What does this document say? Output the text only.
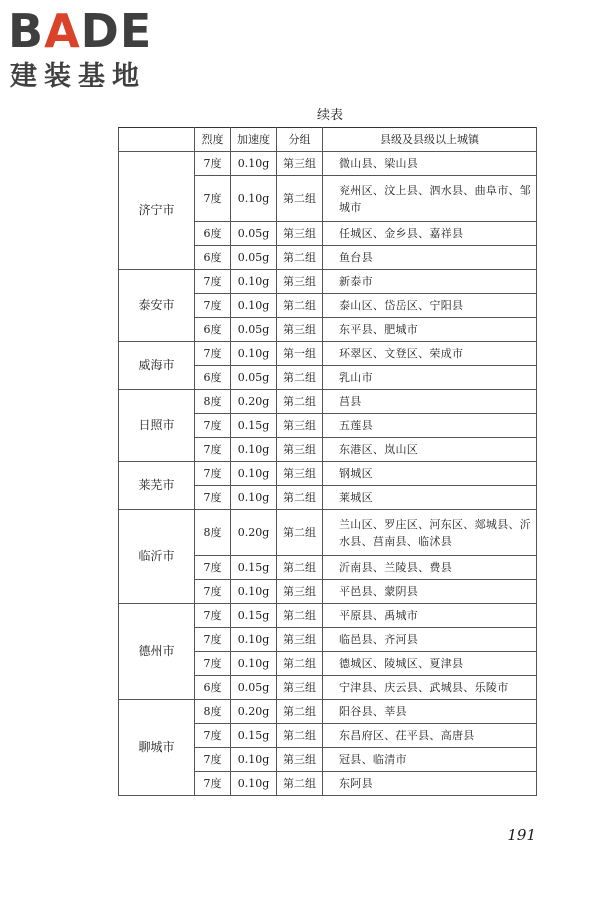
BADE
建装基地
续表
	烈度	加速度	分组	县级及县级以上城镇
济宁市	7度	0.10g	第三组	微山县、梁山县
	7度	0.10g	第二组	兖州区、汶上县、泗水县、曲阜市、邹城市
	6度	0.05g	第三组	任城区、金乡县、嘉祥县
	6度	0.05g	第二组	鱼台县
泰安市	7度	0.10g	第三组	新泰市
	7度	0.10g	第二组	泰山区、岱岳区、宁阳县
	6度	0.05g	第三组	东平县、肥城市
威海市	7度	0.10g	第一组	环翠区、文登区、荣成市
	6度	0.05g	第二组	乳山市
日照市	8度	0.20g	第二组	莒县
	7度	0.15g	第三组	五莲县
	7度	0.10g	第三组	东港区、岚山区
莱芜市	7度	0.10g	第三组	钢城区
	7度	0.10g	第二组	莱城区
临沂市	8度	0.20g	第二组	兰山区、罗庄区、河东区、郯城县、沂水县、莒南县、临沭县
	7度	0.15g	第二组	沂南县、兰陵县、费县
	7度	0.10g	第三组	平邑县、蒙阴县
德州市	7度	0.15g	第二组	平原县、禹城市
	7度	0.10g	第三组	临邑县、齐河县
	7度	0.10g	第二组	德城区、陵城区、夏津县
	6度	0.05g	第三组	宁津县、庆云县、武城县、乐陵市
聊城市	8度	0.20g	第二组	阳谷县、莘县
	7度	0.15g	第二组	东昌府区、茌平县、高唐县
	7度	0.10g	第三组	冠县、临清市
	7度	0.10g	第二组	东阿县
191
